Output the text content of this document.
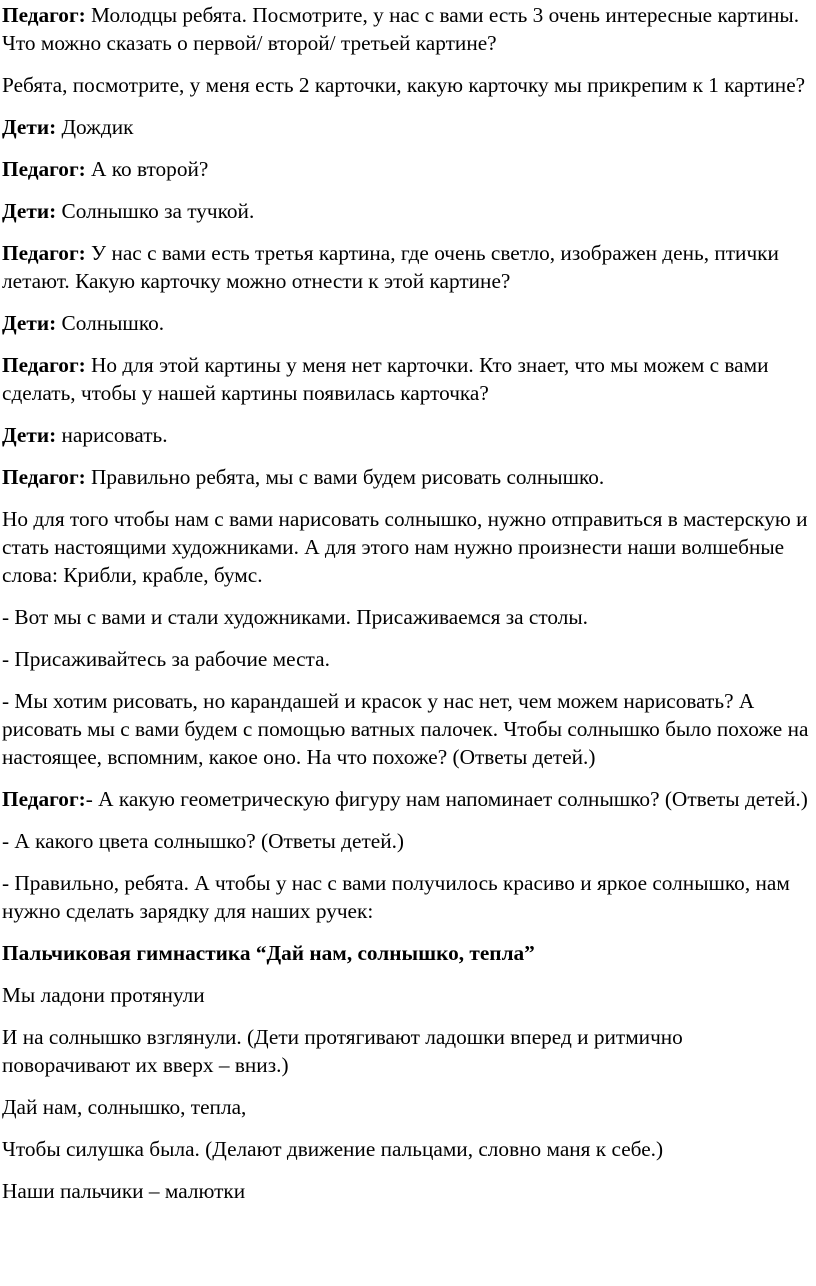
Педагог: Молодцы ребята. Посмотрите, у нас с вами есть 3 очень интересные картины. Что можно сказать о первой/ второй/ третьей картине?

Ребята, посмотрите, у меня есть 2 карточки, какую карточку мы прикрепим к 1 картине?

Дети: Дождик

Педагог: А ко второй?

Дети: Солнышко за тучкой.

Педагог: У нас с вами есть третья картина, где очень светло, изображен день, птички летают. Какую карточку можно отнести к этой картине?

Дети: Солнышко.

Педагог: Но для этой картины у меня нет карточки. Кто знает, что мы можем с вами сделать, чтобы у нашей картины появилась карточка?

Дети: нарисовать.

Педагог: Правильно ребята, мы с вами будем рисовать солнышко.

Но для того чтобы нам с вами нарисовать солнышко, нужно отправиться в мастерскую и стать настоящими художниками. А для этого нам нужно произнести наши волшебные слова: Крибли, крабле, бумс.

- Вот мы с вами и стали художниками. Присаживаемся за столы.

- Присаживайтесь за рабочие места.

- Мы хотим рисовать, но карандашей и красок у нас нет, чем можем нарисовать? А рисовать мы с вами будем с помощью ватных палочек. Чтобы солнышко было похоже на настоящее, вспомним, какое оно. На что похоже? (Ответы детей.)

Педагог:- А какую геометрическую фигуру нам напоминает солнышко? (Ответы детей.)

- А какого цвета солнышко? (Ответы детей.)

- Правильно, ребята. А чтобы у нас с вами получилось красиво и яркое солнышко, нам нужно сделать зарядку для наших ручек:

Пальчиковая гимнастика “Дай нам, солнышко, тепла”

Мы ладони протянули

И на солнышко взглянули. (Дети протягивают ладошки вперед и ритмично поворачивают их вверх – вниз.)

Дай нам, солнышко, тепла,

Чтобы силушка была. (Делают движение пальцами, словно маня к себе.)

Наши пальчики – малютки
